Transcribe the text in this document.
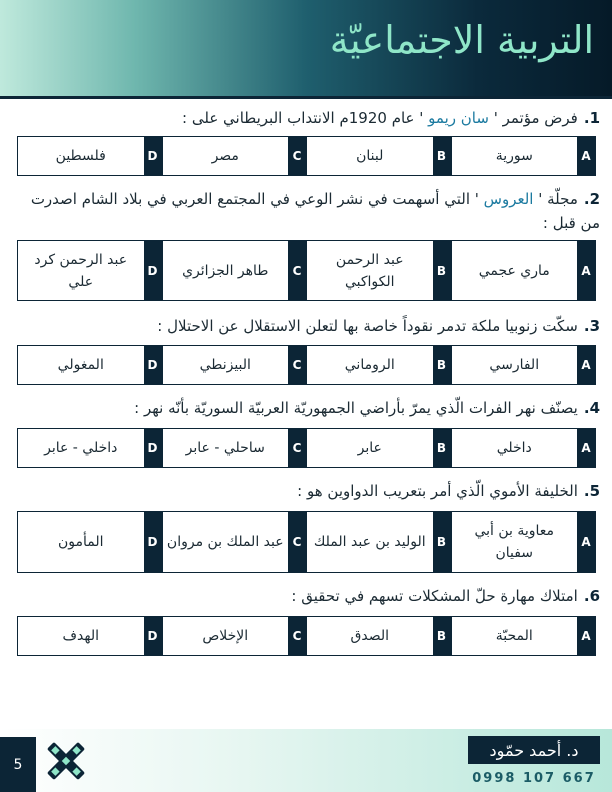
التربية الاجتماعيّة
1.فرض مؤتمر ' سان ريمو ' عام 1920م الانتداب البريطاني على :
A
سورية
B
لبنان
C
مصر
D
فلسطين
2.مجلّة ' العروس ' التي أسهمت في نشر الوعي في المجتمع العربي في بلاد الشام اصدرت من قبل :
A
ماري عجمي
B
عبد الرحمن الكواكبي
C
طاهر الجزائري
D
عبد الرحمن كرد علي
3.سكّت زنوبيا ملكة تدمر نقوداً خاصة بها لتعلن الاستقلال عن الاحتلال :
A
الفارسي
B
الروماني
C
البيزنطي
D
المغولي
4.يصنّف نهر الفرات الّذي يمرّ بأراضي الجمهوريّة العربيّة السوريّة بأنّه نهر :
A
داخلي
B
عابر
C
ساحلي - عابر
D
داخلي - عابر
5.الخليفة الأموي الّذي أمر بتعريب الدواوين هو :
A
معاوية بن أبي سفيان
B
الوليد بن عبد الملك
C
عبد الملك بن مروان
D
المأمون
6.امتلاك مهارة حلّ المشكلات تسهم في تحقيق :
A
المحبّة
B
الصدق
C
الإخلاص
D
الهدف
5
د. أحمد حمّود
0998 107 667
